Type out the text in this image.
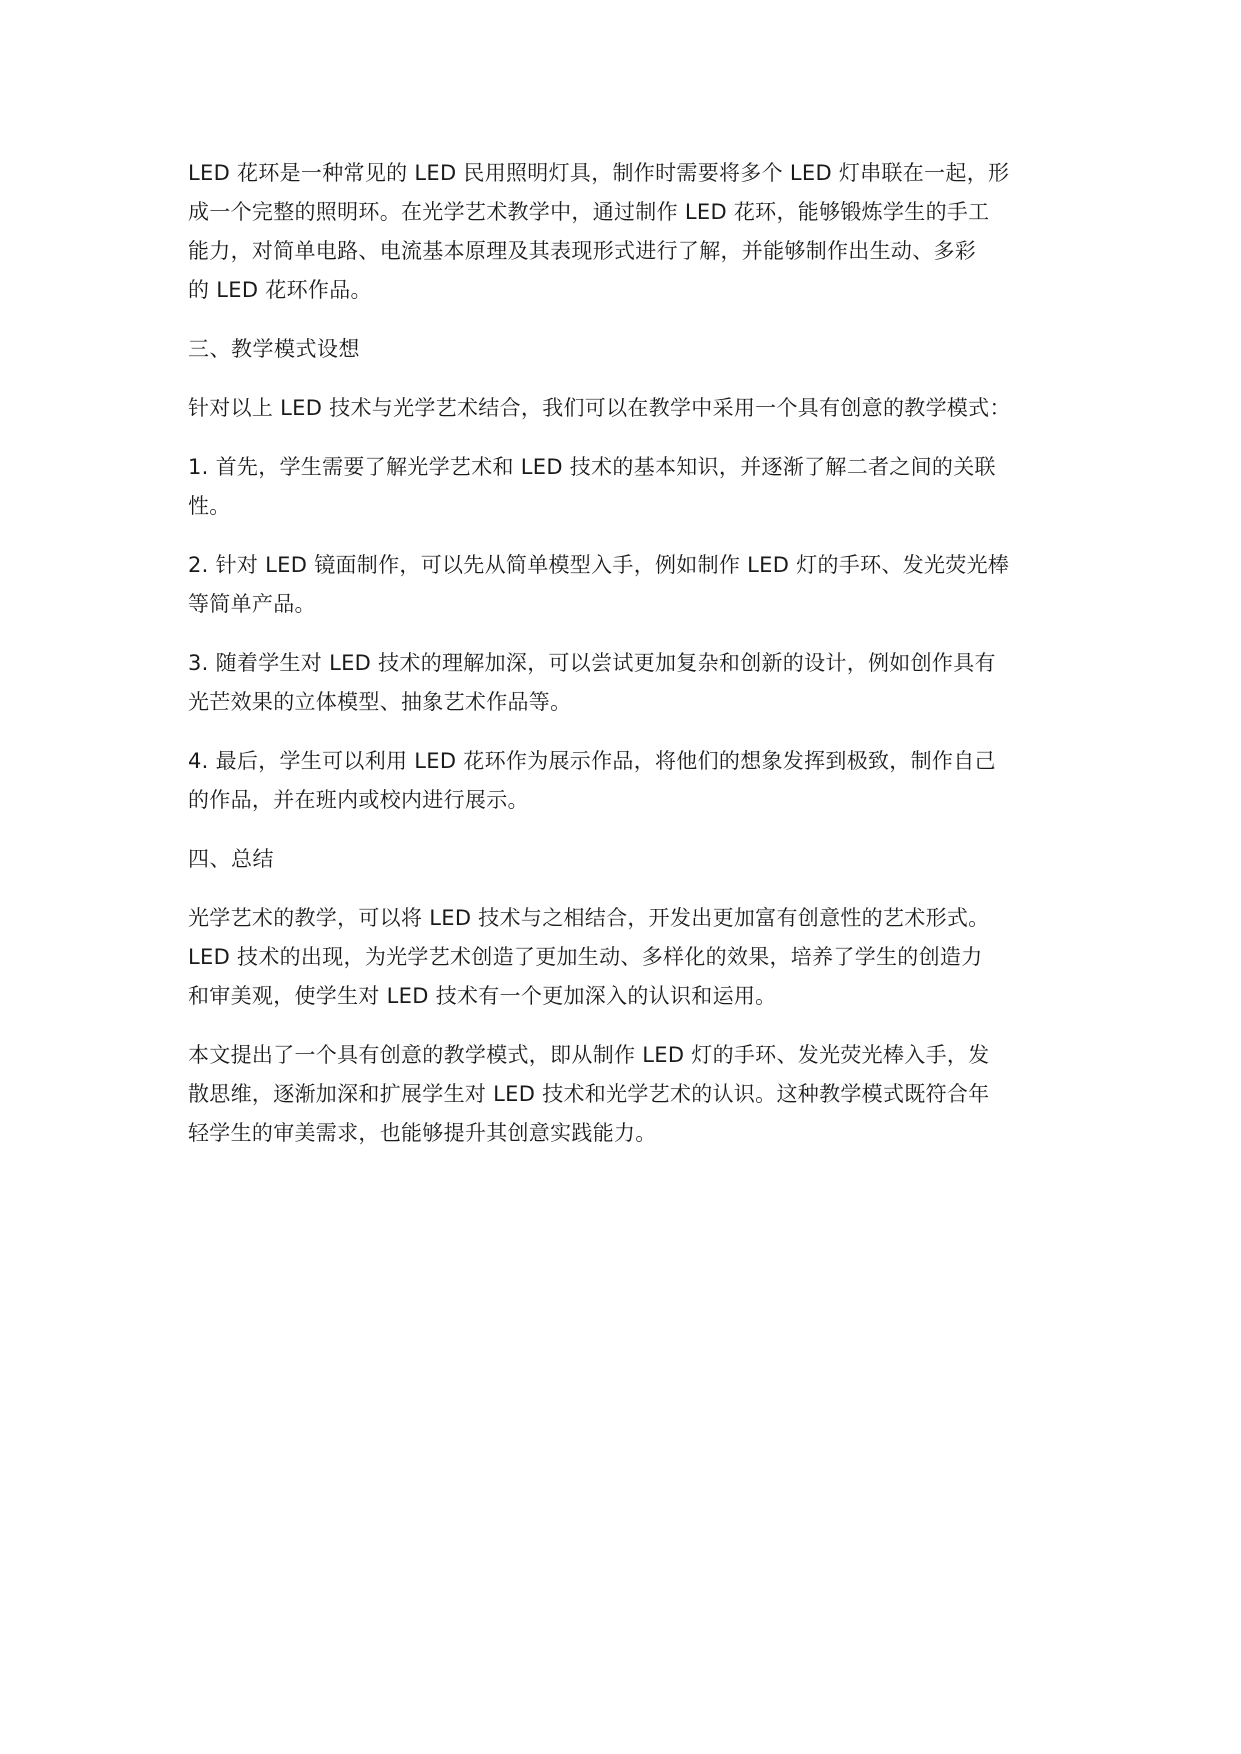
LED 花环是一种常见的 LED 民用照明灯具，制作时需要将多个 LED 灯串联在一起，形
成一个完整的照明环。在光学艺术教学中，通过制作 LED 花环，能够锻炼学生的手工
能力，对简单电路、电流基本原理及其表现形式进行了解，并能够制作出生动、多彩
的 LED 花环作品。
三、教学模式设想
针对以上 LED 技术与光学艺术结合，我们可以在教学中采用一个具有创意的教学模式：
1. 首先，学生需要了解光学艺术和 LED 技术的基本知识，并逐渐了解二者之间的关联
性。
2. 针对 LED 镜面制作，可以先从简单模型入手，例如制作 LED 灯的手环、发光荧光棒
等简单产品。
3. 随着学生对 LED 技术的理解加深，可以尝试更加复杂和创新的设计，例如创作具有
光芒效果的立体模型、抽象艺术作品等。
4. 最后，学生可以利用 LED 花环作为展示作品，将他们的想象发挥到极致，制作自己
的作品，并在班内或校内进行展示。
四、总结
光学艺术的教学，可以将 LED 技术与之相结合，开发出更加富有创意性的艺术形式。
LED 技术的出现，为光学艺术创造了更加生动、多样化的效果，培养了学生的创造力
和审美观，使学生对 LED 技术有一个更加深入的认识和运用。
本文提出了一个具有创意的教学模式，即从制作 LED 灯的手环、发光荧光棒入手，发
散思维，逐渐加深和扩展学生对 LED 技术和光学艺术的认识。这种教学模式既符合年
轻学生的审美需求，也能够提升其创意实践能力。
